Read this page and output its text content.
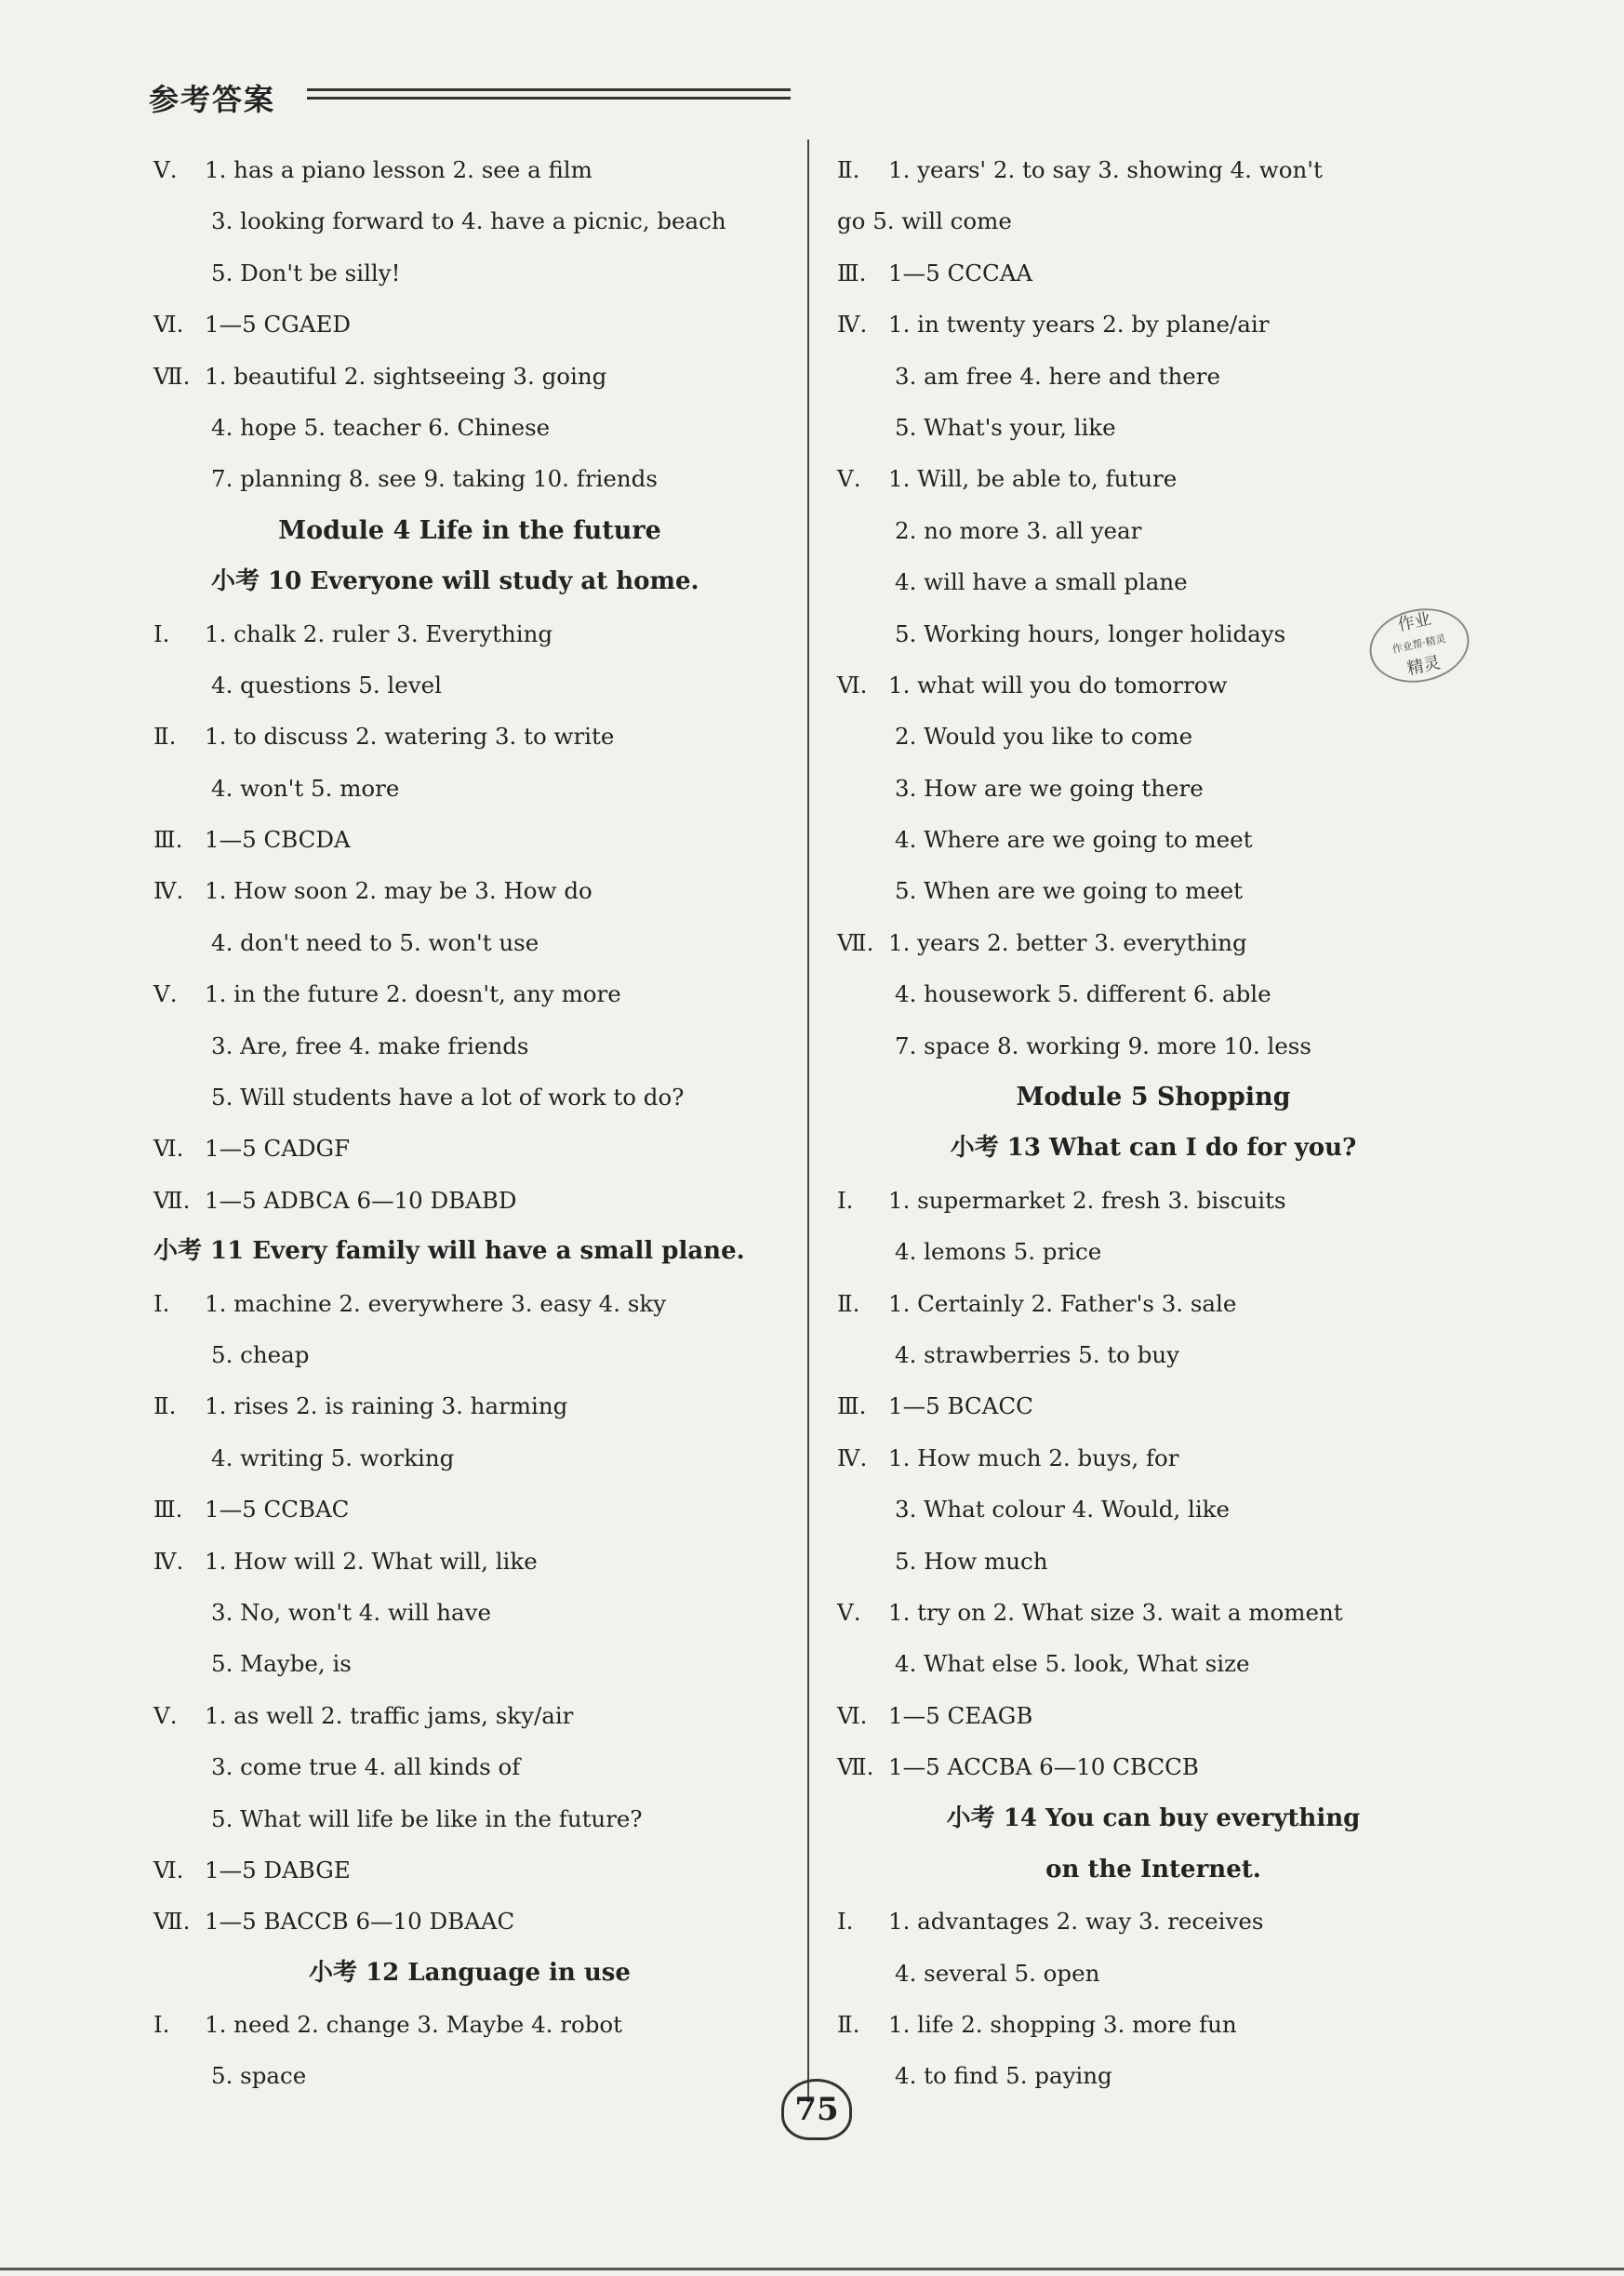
参考答案
Ⅴ. 1. has a piano lesson 2. see a film
3. looking forward to 4. have a picnic, beach
5. Don't be silly!
Ⅵ. 1—5 CGAED
Ⅶ. 1. beautiful 2. sightseeing 3. going
4. hope 5. teacher 6. Chinese
7. planning 8. see 9. taking 10. friends
Module 4 Life in the future
小考 10 Everyone will study at home.
Ⅰ. 1. chalk 2. ruler 3. Everything
4. questions 5. level
Ⅱ. 1. to discuss 2. watering 3. to write
4. won't 5. more
Ⅲ. 1—5 CBCDA
Ⅳ. 1. How soon 2. may be 3. How do
4. don't need to 5. won't use
Ⅴ. 1. in the future 2. doesn't, any more
3. Are, free 4. make friends
5. Will students have a lot of work to do?
Ⅵ. 1—5 CADGF
Ⅶ. 1—5 ADBCA 6—10 DBABD
小考 11 Every family will have a small plane.
Ⅰ. 1. machine 2. everywhere 3. easy 4. sky
5. cheap
Ⅱ. 1. rises 2. is raining 3. harming
4. writing 5. working
Ⅲ. 1—5 CCBAC
Ⅳ. 1. How will 2. What will, like
3. No, won't 4. will have
5. Maybe, is
Ⅴ. 1. as well 2. traffic jams, sky/air
3. come true 4. all kinds of
5. What will life be like in the future?
Ⅵ. 1—5 DABGE
Ⅶ. 1—5 BACCB 6—10 DBAAC
小考 12 Language in use
Ⅰ. 1. need 2. change 3. Maybe 4. robot
5. space
Ⅱ. 1. years' 2. to say 3. showing 4. won't
go 5. will come
Ⅲ. 1—5 CCCAA
Ⅳ. 1. in twenty years 2. by plane/air
3. am free 4. here and there
5. What's your, like
Ⅴ. 1. Will, be able to, future
2. no more 3. all year
4. will have a small plane
5. Working hours, longer holidays
Ⅵ. 1. what will you do tomorrow
2. Would you like to come
3. How are we going there
4. Where are we going to meet
5. When are we going to meet
Ⅶ. 1. years 2. better 3. everything
4. housework 5. different 6. able
7. space 8. working 9. more 10. less
Module 5 Shopping
小考 13 What can I do for you?
Ⅰ. 1. supermarket 2. fresh 3. biscuits
4. lemons 5. price
Ⅱ. 1. Certainly 2. Father's 3. sale
4. strawberries 5. to buy
Ⅲ. 1—5 BCACC
Ⅳ. 1. How much 2. buys, for
3. What colour 4. Would, like
5. How much
Ⅴ. 1. try on 2. What size 3. wait a moment
4. What else 5. look, What size
Ⅵ. 1—5 CEAGB
Ⅶ. 1—5 ACCBA 6—10 CBCCB
小考 14 You can buy everything
on the Internet.
Ⅰ. 1. advantages 2. way 3. receives
4. several 5. open
Ⅱ. 1. life 2. shopping 3. more fun
4. to find 5. paying
作业
作业帮·精灵
精灵
75
